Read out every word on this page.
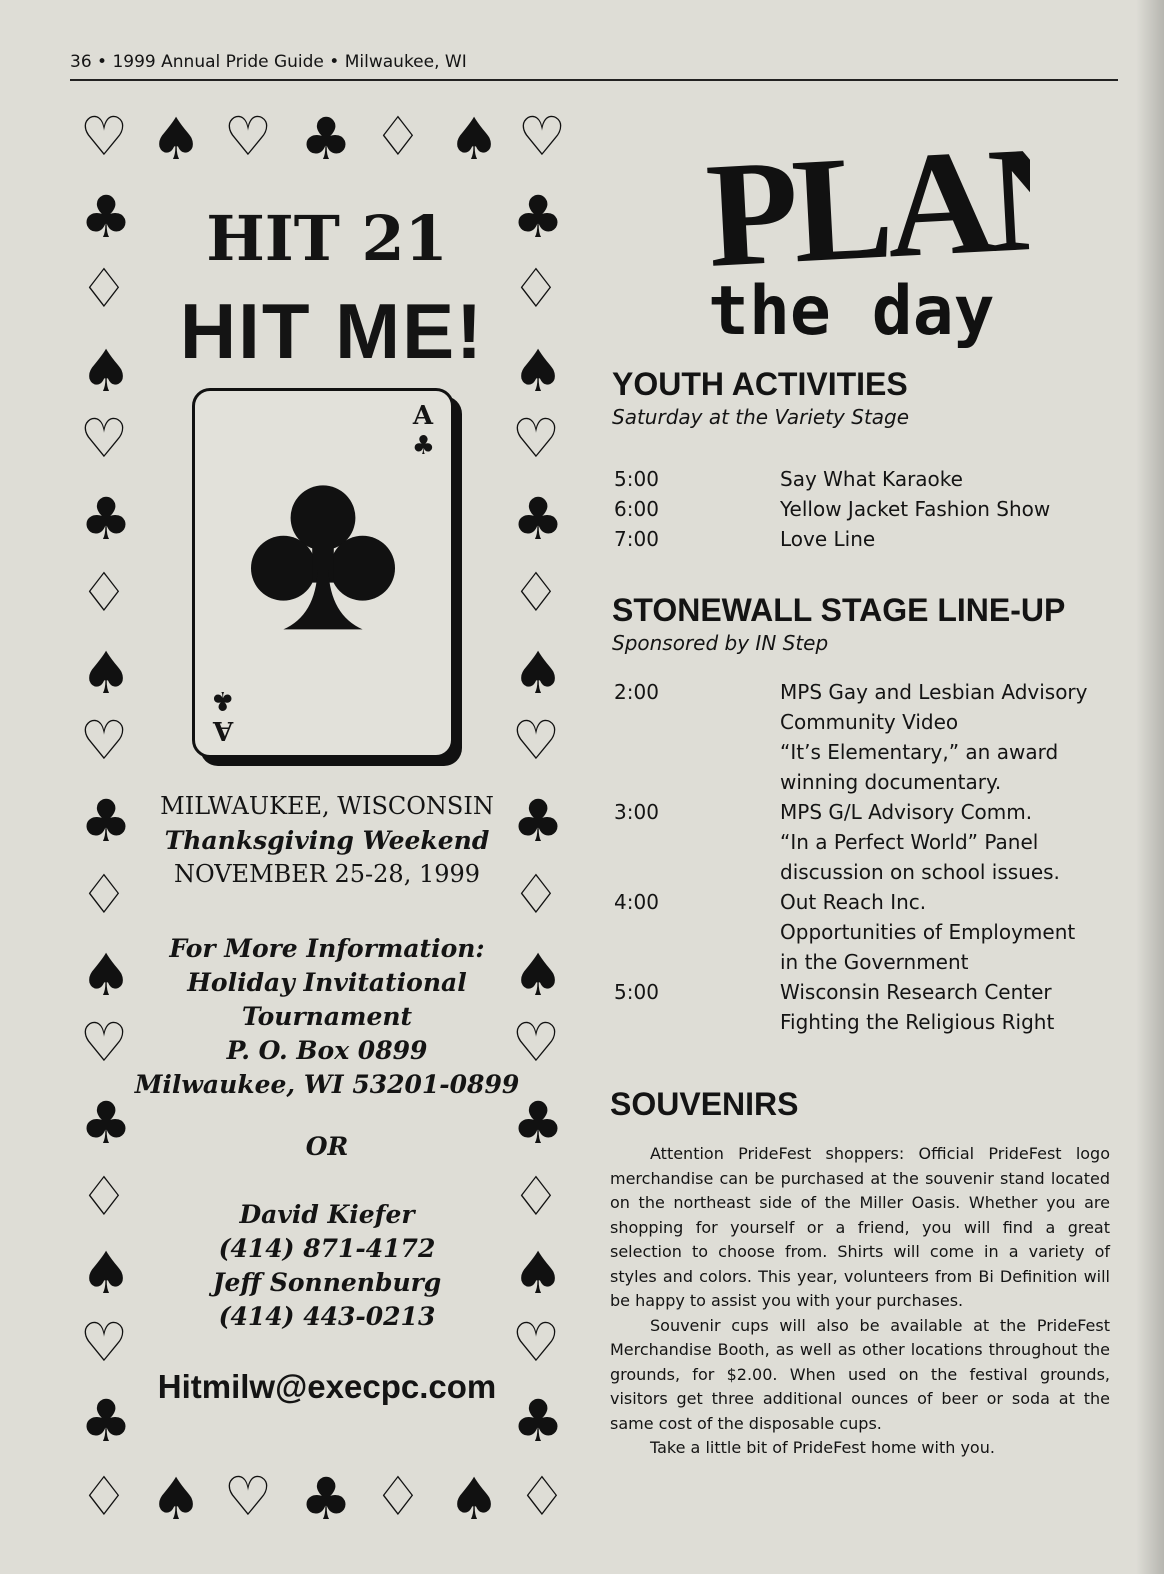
36 • 1999 Annual Pride Guide • Milwaukee, WI
♡ ♠ ♡ ♣ ♢ ♠ ♡
♣
♢
♠
♡
♣
♢
♠
♡
♣
♢
♠
♡
♣
♢
♠
♡
♣
♣
♢
♠
♡
♣
♢
♠
♡
♣
♢
♠
♡
♣
♢
♠
♡
♣
♢ ♠ ♡ ♣ ♢ ♠ ♢
HIT 21
HIT ME!
A
♣
♣
A
MILWAUKEE, WISCONSIN
Thanksgiving Weekend
NOVEMBER 25-28, 1999
For More Information:
Holiday Invitational
Tournament
P. O. Box 0899
Milwaukee, WI 53201-0899
OR
David Kiefer
(414) 871-4172
Jeff Sonnenburg
(414) 443-0213
Hitmilw@execpc.com
PLAN
the day
YOUTH ACTIVITIES
Saturday at the Variety Stage
5:00	Say What Karaoke
6:00	Yellow Jacket Fashion Show
7:00	Love Line
STONEWALL STAGE LINE-UP
Sponsored by IN Step
2:00	MPS Gay and Lesbian Advisory
Community Video
“It’s Elementary,” an award
winning documentary.
3:00	MPS G/L Advisory Comm.
“In a Perfect World” Panel
discussion on school issues.
4:00	Out Reach Inc.
Opportunities of Employment
in the Government
5:00	Wisconsin Research Center
Fighting the Religious Right
SOUVENIRS

Attention PrideFest shoppers: Official PrideFest logo merchandise can be purchased at the souvenir stand located on the northeast side of the Miller Oasis. Whether you are shopping for yourself or a friend, you will find a great selection to choose from. Shirts will come in a variety of styles and colors. This year, volunteers from Bi Definition will be happy to assist you with your purchases.

Souvenir cups will also be available at the PrideFest Merchandise Booth, as well as other locations throughout the grounds, for $2.00. When used on the festival grounds, visitors get three additional ounces of beer or soda at the same cost of the disposable cups.

Take a little bit of PrideFest home with you.
